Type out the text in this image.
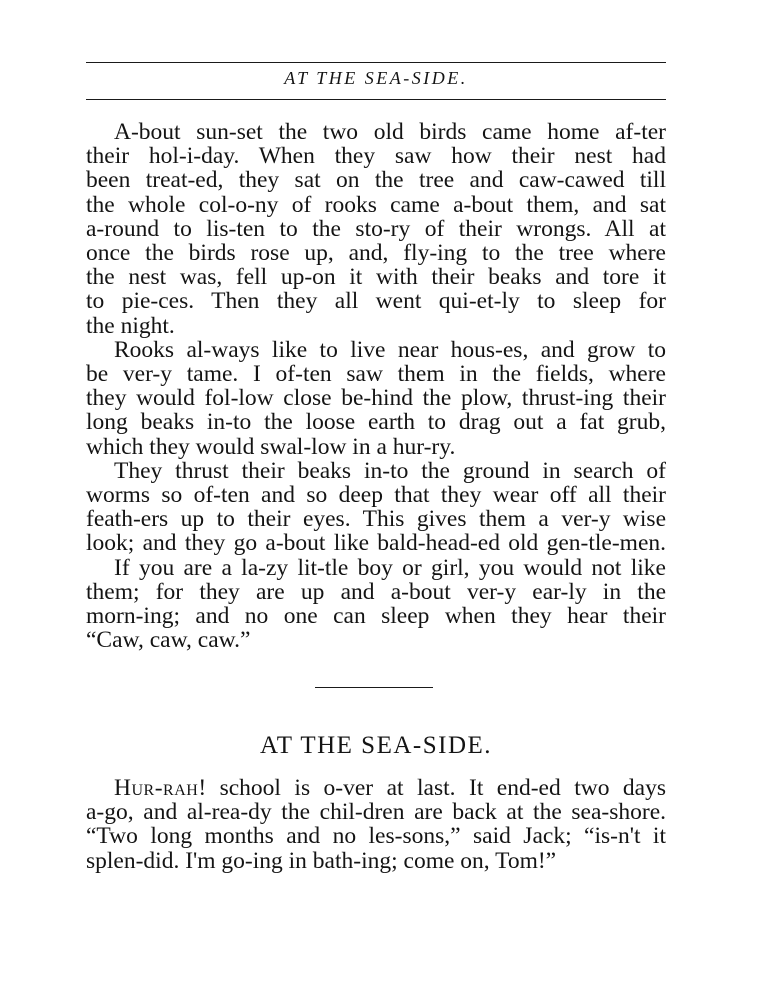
AT THE SEA-SIDE.
A-bout sun-set the two old birds came home af-ter
their hol-i-day. When they saw how their nest had
been treat-ed, they sat on the tree and caw-cawed till
the whole col-o-ny of rooks came a-bout them, and sat
a-round to lis-ten to the sto-ry of their wrongs. All at
once the birds rose up, and, fly-ing to the tree where
the nest was, fell up-on it with their beaks and tore it
to pie-ces. Then they all went qui-et-ly to sleep for
the night.
Rooks al-ways like to live near hous-es, and grow to
be ver-y tame. I of-ten saw them in the fields, where
they would fol-low close be-hind the plow, thrust-ing their
long beaks in-to the loose earth to drag out a fat grub,
which they would swal-low in a hur-ry.
They thrust their beaks in-to the ground in search of
worms so of-ten and so deep that they wear off all their
feath-ers up to their eyes. This gives them a ver-y wise
look; and they go a-bout like bald-head-ed old gen-tle-men.
If you are a la-zy lit-tle boy or girl, you would not like
them; for they are up and a-bout ver-y ear-ly in the
morn-ing; and no one can sleep when they hear their
“Caw, caw, caw.”
AT THE SEA-SIDE.
Hur-rah! school is o-ver at last. It end-ed two days
a-go, and al-rea-dy the chil-dren are back at the sea-shore.
“Two long months and no les-sons,” said Jack; “is-n't it
splen-did. I'm go-ing in bath-ing; come on, Tom!”
